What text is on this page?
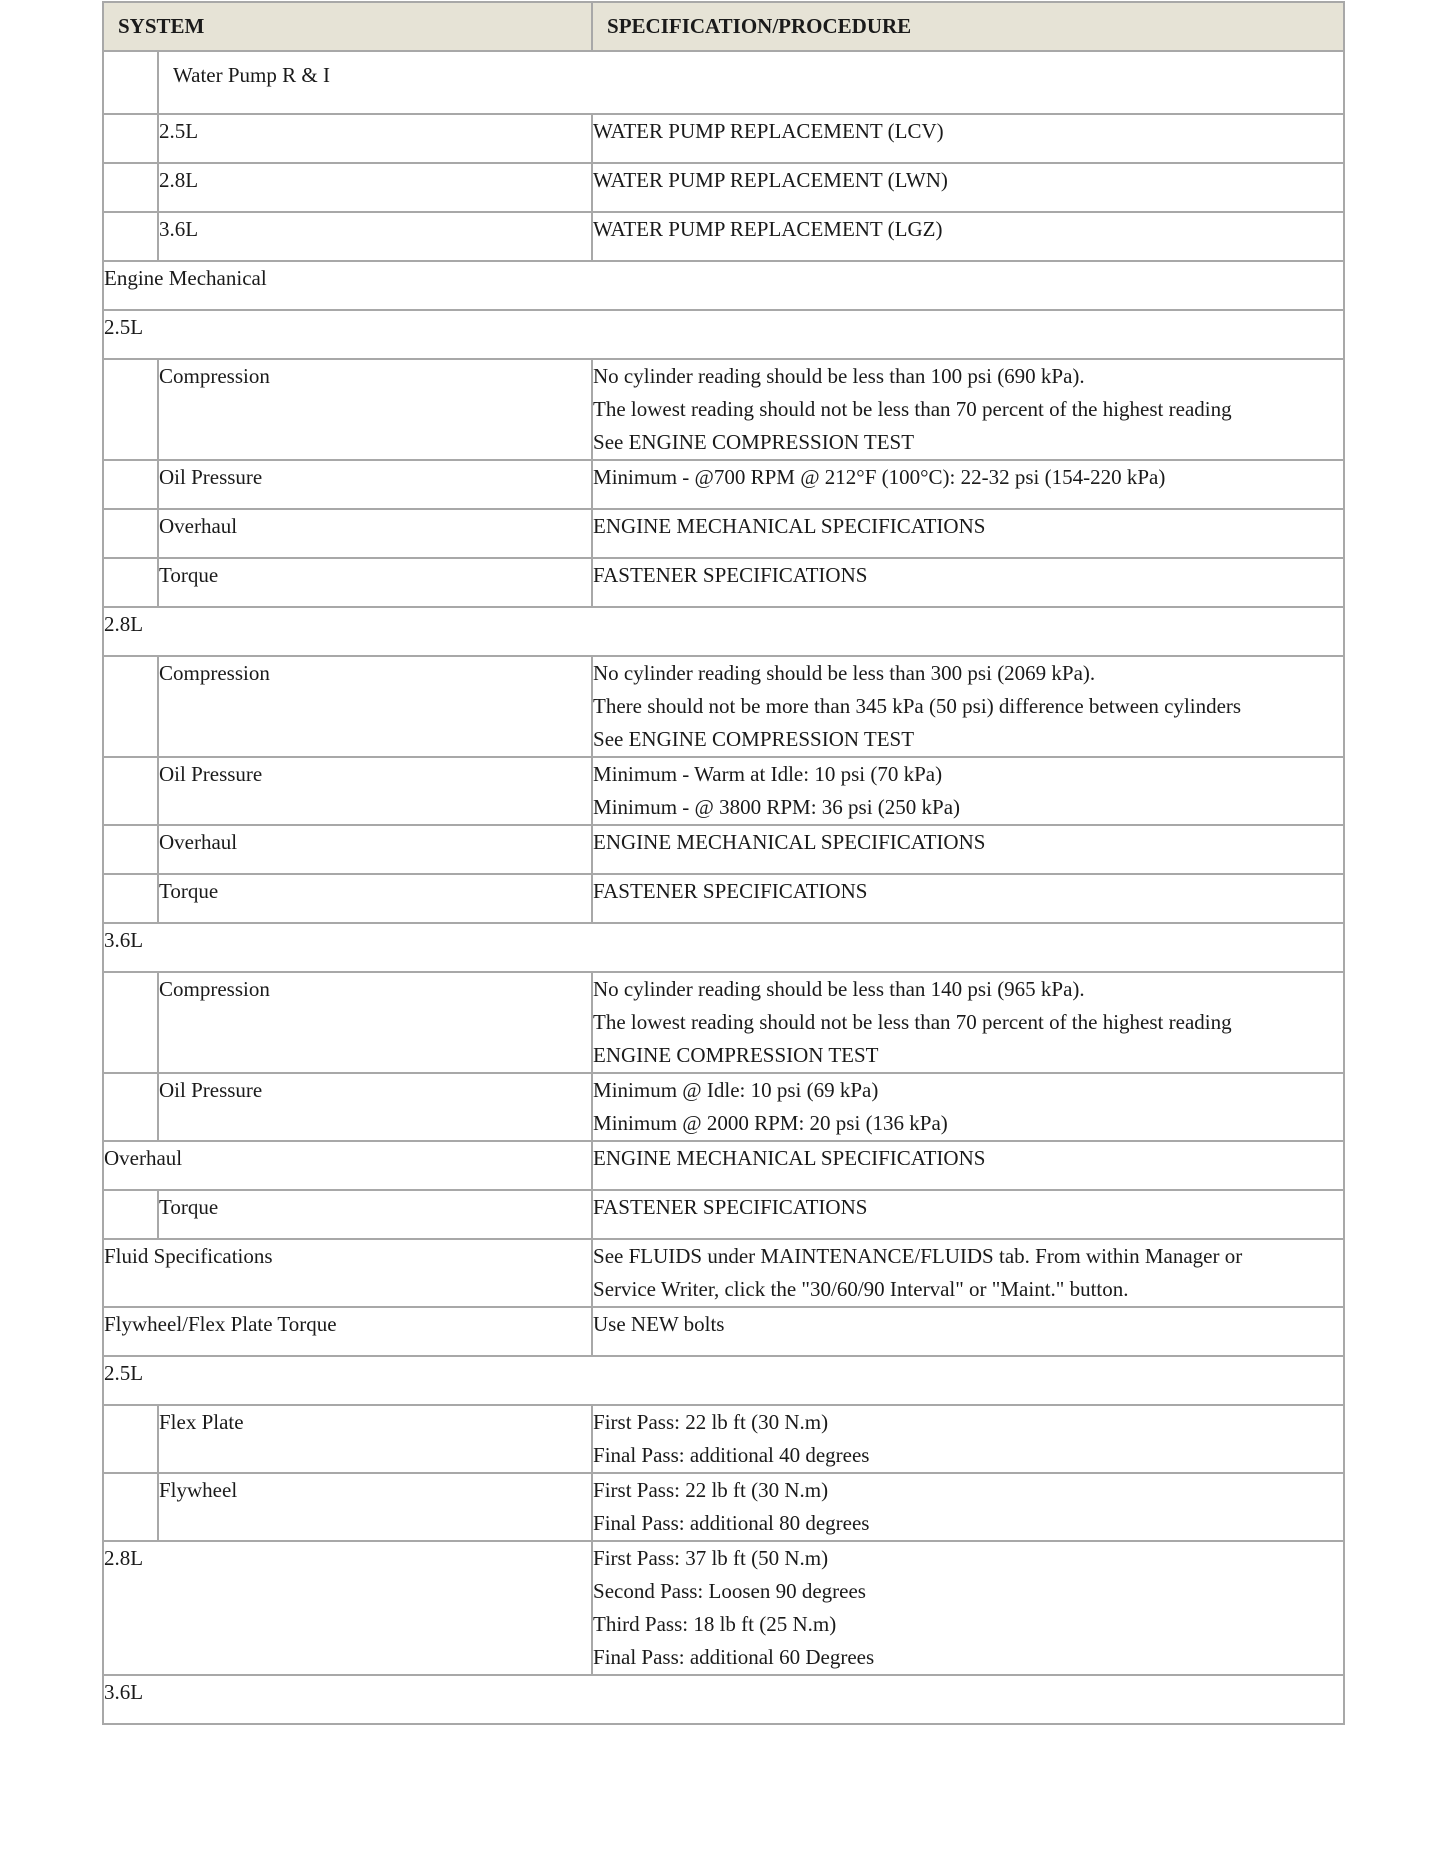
SYSTEM		SPECIFICATION/PROCEDURE
	Water Pump R & I	
	2.5L	WATER PUMP REPLACEMENT (LCV)
	2.8L	WATER PUMP REPLACEMENT (LWN)
	3.6L	WATER PUMP REPLACEMENT (LGZ)
Engine Mechanical		
2.5L		
	Compression	No cylinder reading should be less than 100 psi (690 kPa).
The lowest reading should not be less than 70 percent of the highest reading
See ENGINE COMPRESSION TEST

	Oil Pressure	Minimum - @700 RPM @ 212°F (100°C): 22-32 psi (154-220 kPa)

	Overhaul	ENGINE MECHANICAL SPECIFICATIONS
	Torque	FASTENER SPECIFICATIONS
2.8L		
	Compression	No cylinder reading should be less than 300 psi (2069 kPa).
There should not be more than 345 kPa (50 psi) difference between cylinders
See ENGINE COMPRESSION TEST

	Oil Pressure	Minimum - Warm at Idle: 10 psi (70 kPa)
Minimum - @ 3800 RPM: 36 psi (250 kPa)

	Overhaul	ENGINE MECHANICAL SPECIFICATIONS
	Torque	FASTENER SPECIFICATIONS
3.6L		
	Compression	No cylinder reading should be less than 140 psi (965 kPa).
The lowest reading should not be less than 70 percent of the highest reading
ENGINE COMPRESSION TEST

	Oil Pressure	Minimum @ Idle: 10 psi (69 kPa)
Minimum @ 2000 RPM: 20 psi (136 kPa)

Overhaul		ENGINE MECHANICAL SPECIFICATIONS
	Torque	FASTENER SPECIFICATIONS
Fluid Specifications		See FLUIDS under MAINTENANCE/FLUIDS tab. From within Manager or
Service Writer, click the "30/60/90 Interval" or "Maint." button.

Flywheel/Flex Plate Torque		Use NEW bolts
2.5L		
	Flex Plate	First Pass: 22 lb ft (30 N.m)
Final Pass: additional 40 degrees

	Flywheel	First Pass: 22 lb ft (30 N.m)
Final Pass: additional 80 degrees

2.8L		First Pass: 37 lb ft (50 N.m)
Second Pass: Loosen 90 degrees
Third Pass: 18 lb ft (25 N.m)
Final Pass: additional 60 Degrees

3.6L		
